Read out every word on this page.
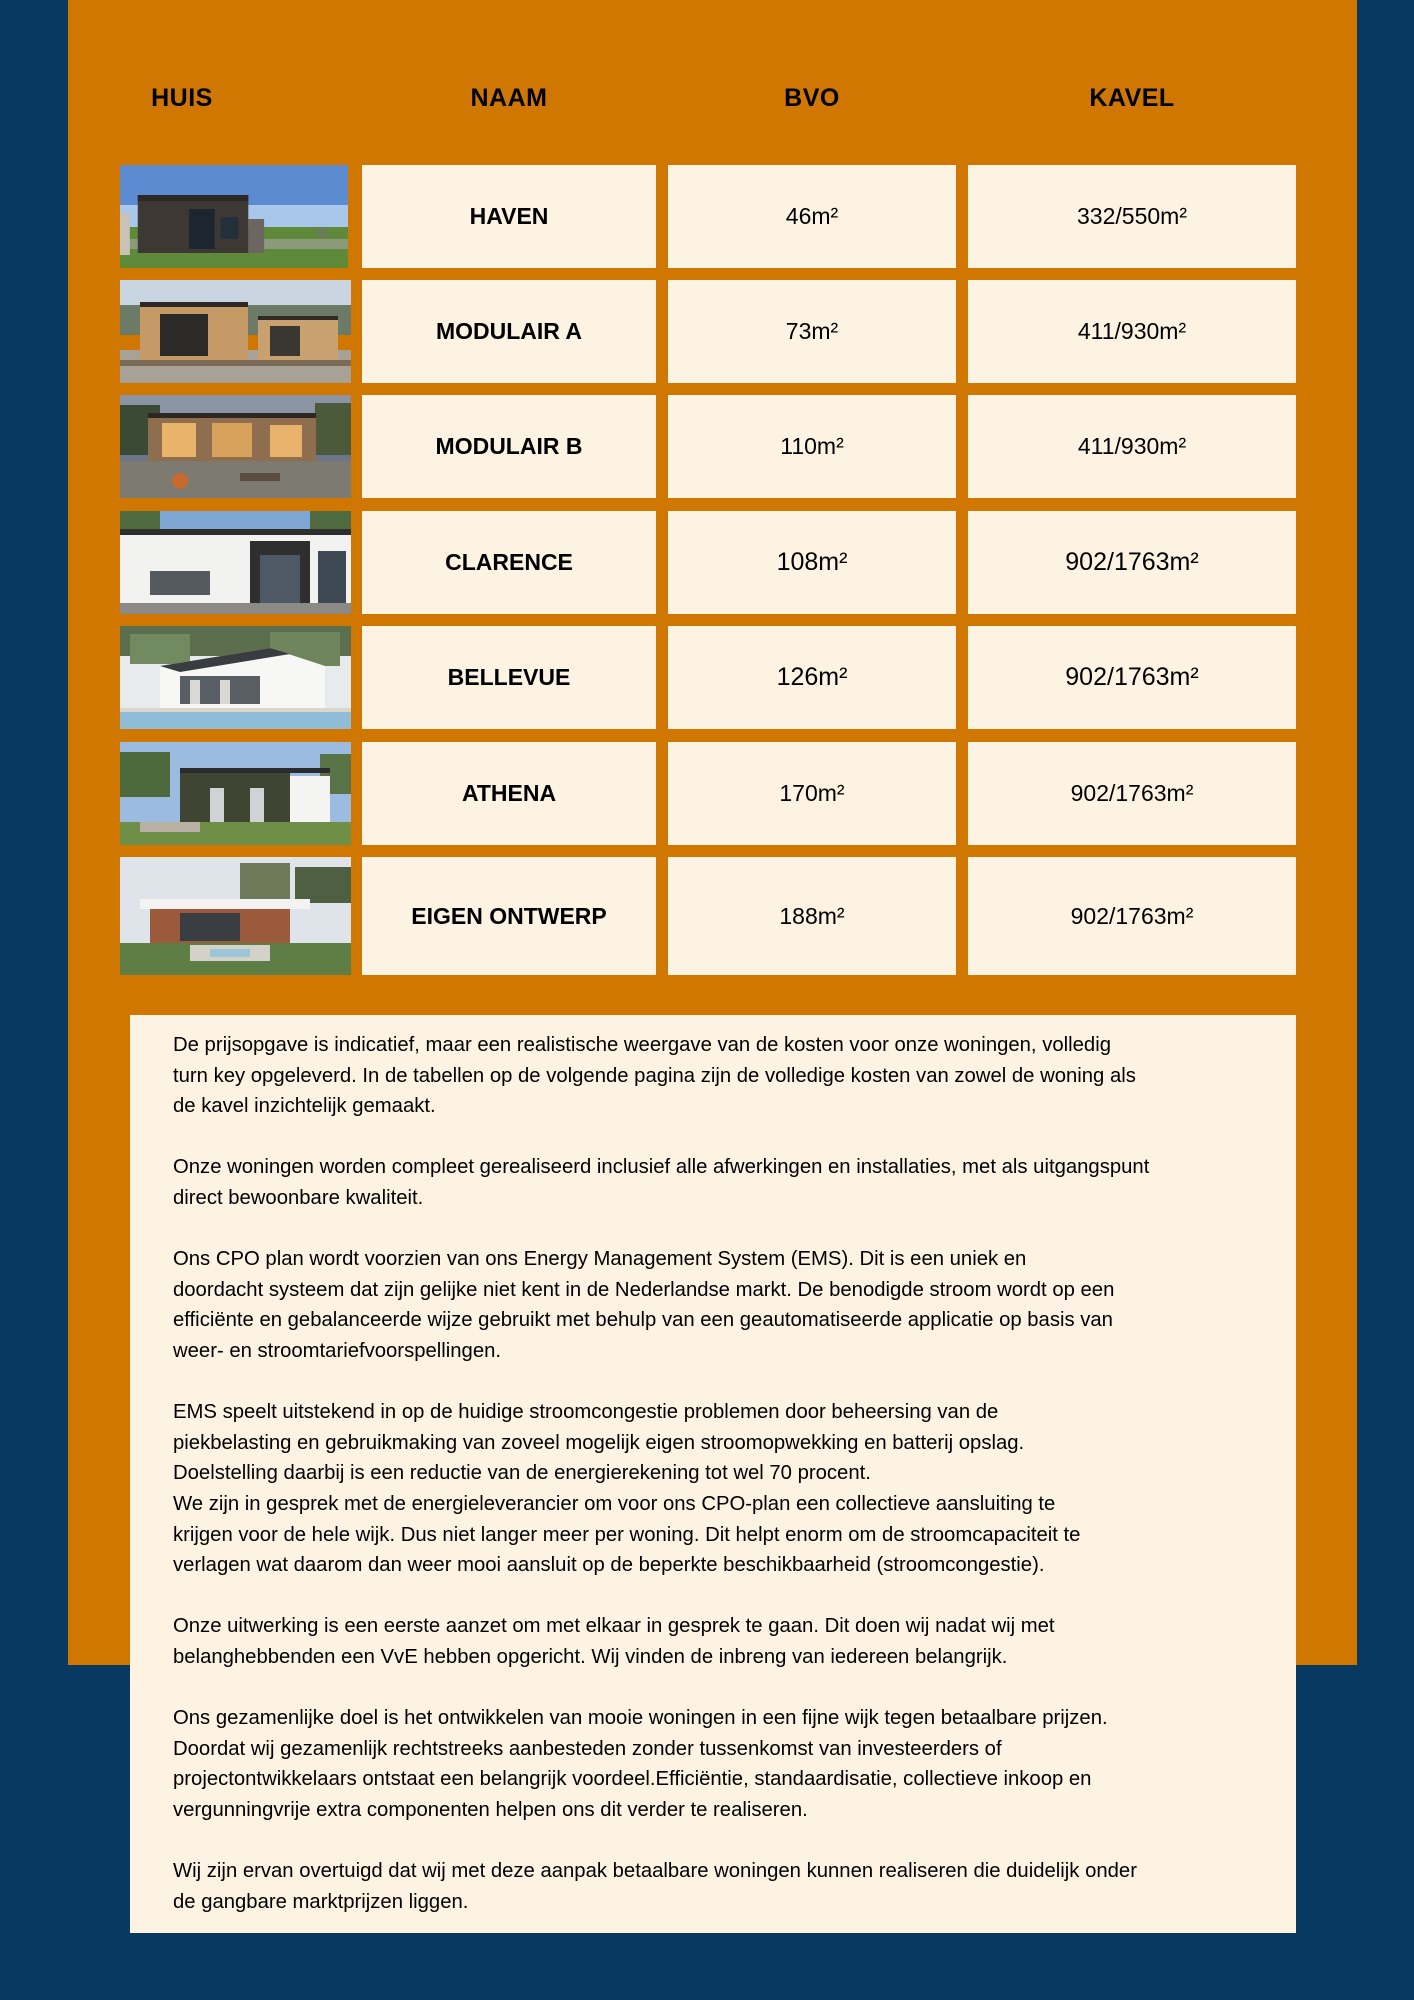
HUIS	NAAM	BVO	KAVEL
HAVEN	46m²	332/550m²
MODULAIR A	73m²	411/930m²
MODULAIR B	110m²	411/930m²
CLARENCE	108m²	902/1763m²
BELLEVUE	126m²	902/1763m²
ATHENA	170m²	902/1763m²
EIGEN ONTWERP	188m²	902/1763m²

De prijsopgave is indicatief, maar een realistische weergave van de kosten voor onze woningen, volledig
turn key opgeleverd. In de tabellen op de volgende pagina zijn de volledige kosten van zowel de woning als
de kavel inzichtelijk gemaakt.

Onze woningen worden compleet gerealiseerd inclusief alle afwerkingen en installaties, met als uitgangspunt
direct bewoonbare kwaliteit.

Ons CPO plan wordt voorzien van ons Energy Management System (EMS). Dit is een uniek en
doordacht systeem dat zijn gelijke niet kent in de Nederlandse markt. De benodigde stroom wordt op een
efficiënte en gebalanceerde wijze gebruikt met behulp van een geautomatiseerde applicatie op basis van
weer- en stroomtariefvoorspellingen.

EMS speelt uitstekend in op de huidige stroomcongestie problemen door beheersing van de
piekbelasting en gebruikmaking van zoveel mogelijk eigen stroomopwekking en batterij opslag.
Doelstelling daarbij is een reductie van de energierekening tot wel 70 procent.
We zijn in gesprek met de energieleverancier om voor ons CPO-plan een collectieve aansluiting te
krijgen voor de hele wijk. Dus niet langer meer per woning. Dit helpt enorm om de stroomcapaciteit te
verlagen wat daarom dan weer mooi aansluit op de beperkte beschikbaarheid (stroomcongestie).

Onze uitwerking is een eerste aanzet om met elkaar in gesprek te gaan. Dit doen wij nadat wij met
belanghebbenden een VvE hebben opgericht. Wij vinden de inbreng van iedereen belangrijk.

Ons gezamenlijke doel is het ontwikkelen van mooie woningen in een fijne wijk tegen betaalbare prijzen.
Doordat wij gezamenlijk rechtstreeks aanbesteden zonder tussenkomst van investeerders of
projectontwikkelaars ontstaat een belangrijk voordeel.Efficiëntie, standaardisatie, collectieve inkoop en
vergunningvrije extra componenten helpen ons dit verder te realiseren.

Wij zijn ervan overtuigd dat wij met deze aanpak betaalbare woningen kunnen realiseren die duidelijk onder
de gangbare marktprijzen liggen.
